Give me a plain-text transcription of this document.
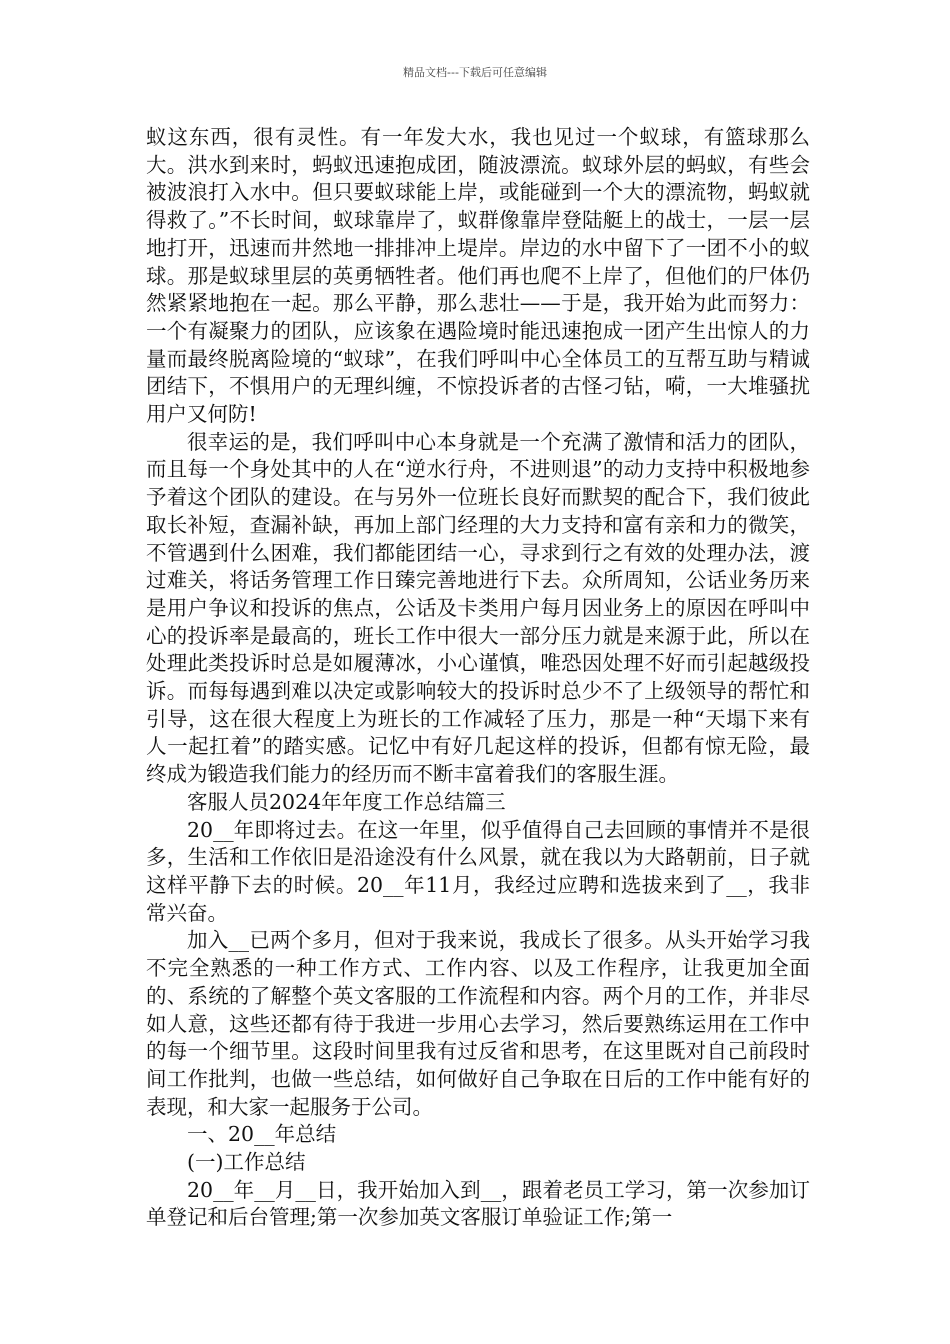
精品文档---下载后可任意编辑

蚁这东西，很有灵性。有一年发大水，我也见过一个蚁球，有篮球那么大。洪水到来时，蚂蚁迅速抱成团，随波漂流。蚁球外层的蚂蚁，有些会被波浪打入水中。但只要蚁球能上岸，或能碰到一个大的漂流物，蚂蚁就得救了。”不长时间，蚁球靠岸了，蚁群像靠岸登陆艇上的战士，一层一层地打开，迅速而井然地一排排冲上堤岸。岸边的水中留下了一团不小的蚁球。那是蚁球里层的英勇牺牲者。他们再也爬不上岸了，但他们的尸体仍然紧紧地抱在一起。那么平静，那么悲壮——于是，我开始为此而努力：一个有凝聚力的团队，应该象在遇险境时能迅速抱成一团产生出惊人的力量而最终脱离险境的“蚁球”，在我们呼叫中心全体员工的互帮互助与精诚团结下，不惧用户的无理纠缠，不惊投诉者的古怪刁钻，嗬，一大堆骚扰用户又何防!

很幸运的是，我们呼叫中心本身就是一个充满了激情和活力的团队，而且每一个身处其中的人在“逆水行舟，不进则退”的动力支持中积极地参予着这个团队的建设。在与另外一位班长良好而默契的配合下，我们彼此取长补短，查漏补缺，再加上部门经理的大力支持和富有亲和力的微笑，不管遇到什么困难，我们都能团结一心，寻求到行之有效的处理办法，渡过难关，将话务管理工作日臻完善地进行下去。众所周知，公话业务历来是用户争议和投诉的焦点，公话及卡类用户每月因业务上的原因在呼叫中心的投诉率是最高的，班长工作中很大一部分压力就是来源于此，所以在处理此类投诉时总是如履薄冰，小心谨慎，唯恐因处理不好而引起越级投诉。而每每遇到难以决定或影响较大的投诉时总少不了上级领导的帮忙和引导，这在很大程度上为班长的工作减轻了压力，那是一种“天塌下来有人一起扛着”的踏实感。记忆中有好几起这样的投诉，但都有惊无险，最终成为锻造我们能力的经历而不断丰富着我们的客服生涯。

客服人员2024年年度工作总结篇三

20__年即将过去。在这一年里，似乎值得自己去回顾的事情并不是很多，生活和工作依旧是沿途没有什么风景，就在我以为大路朝前，日子就这样平静下去的时候。20__年11月，我经过应聘和选拔来到了__，我非常兴奋。

加入__已两个多月，但对于我来说，我成长了很多。从头开始学习我不完全熟悉的一种工作方式、工作内容、以及工作程序，让我更加全面的、系统的了解整个英文客服的工作流程和内容。两个月的工作，并非尽如人意，这些还都有待于我进一步用心去学习，然后要熟练运用在工作中的每一个细节里。这段时间里我有过反省和思考，在这里既对自己前段时间工作批判，也做一些总结，如何做好自己争取在日后的工作中能有好的表现，和大家一起服务于公司。

一、20__年总结

(一)工作总结

20__年__月__日，我开始加入到__，跟着老员工学习，第一次参加订单登记和后台管理;第一次参加英文客服订单验证工作;第一
